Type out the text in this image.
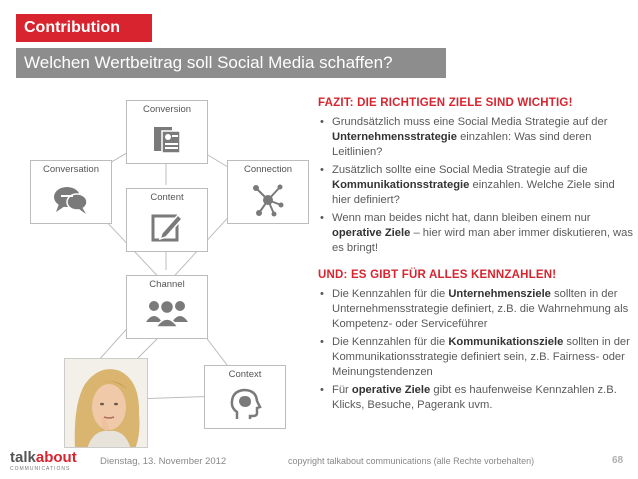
Contribution
Welchen Wertbeitrag soll Social Media schaffen?
Conversion
Conversation	Connection
Content
Channel
Context
FAZIT: DIE RICHTIGEN ZIELE SIND WICHTIG!
• Grundsätzlich muss eine Social Media Strategie auf der Unternehmensstrategie einzahlen: Was sind deren Leitlinien?
• Zusätzlich sollte eine Social Media Strategie auf die Kommunikationsstrategie einzahlen. Welche Ziele sind hier definiert?
• Wenn man beides nicht hat, dann bleiben einem nur operative Ziele – hier wird man aber immer diskutieren, was es bringt!
UND: ES GIBT FÜR ALLES KENNZAHLEN!
• Die Kennzahlen für die Unternehmensziele sollten in der Unternehmensstrategie definiert, z.B. die Wahrnehmung als Kompetenz- oder Serviceführer
• Die Kennzahlen für die Kommunikationsziele sollten in der Kommunikationsstrategie definiert sein, z.B. Fairness- oder Meinungstendenzen
• Für operative Ziele gibt es haufenweise Kennzahlen z.B. Klicks, Besuche, Pagerank uvm.
talkabout
COMMUNICATIONS
Dienstag, 13. November 2012	copyright talkabout communications (alle Rechte vorbehalten)	68
